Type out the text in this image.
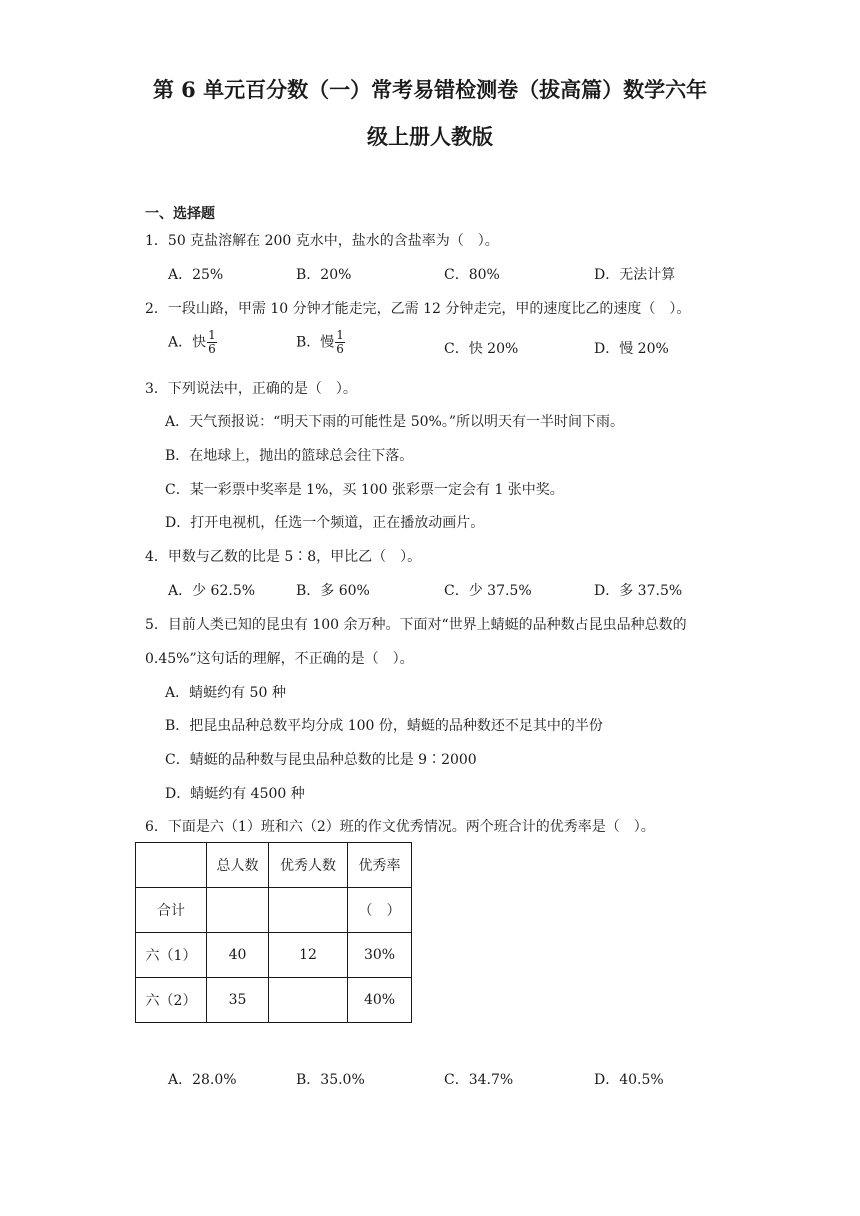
第 6 单元百分数（一）常考易错检测卷（拔高篇）数学六年
级上册人教版
一、选择题
1．50 克盐溶解在 200 克水中，盐水的含盐率为（　）。
A．25%	B．20%	C．80%	D．无法计算
2．一段山路，甲需 10 分钟才能走完，乙需 12 分钟走完，甲的速度比乙的速度（　）。
A．快 $\frac{1}{6}$	B．慢 $\frac{1}{6}$	C．快 20%	D．慢 20%
3．下列说法中，正确的是（　）。
A．天气预报说：“明天下雨的可能性是 50%。”所以明天有一半时间下雨。
B．在地球上，抛出的篮球总会往下落。
C．某一彩票中奖率是 1%，买 100 张彩票一定会有 1 张中奖。
D．打开电视机，任选一个频道，正在播放动画片。
4．甲数与乙数的比是 5∶8，甲比乙（　）。
A．少 62.5%	B．多 60%	C．少 37.5%	D．多 37.5%
5．目前人类已知的昆虫有 100 余万种。下面对“世界上蜻蜓的品种数占昆虫品种总数的
0.45%”这句话的理解，不正确的是（　）。
A．蜻蜓约有 50 种
B．把昆虫品种总数平均分成 100 份，蜻蜓的品种数还不足其中的半份
C．蜻蜓的品种数与昆虫品种总数的比是 9∶2000
D．蜻蜓约有 4500 种
6．下面是六（1）班和六（2）班的作文优秀情况。两个班合计的优秀率是（　）。
	总人数	优秀人数	优秀率
合计			（　）
六（1）	40	12	30%
六（2）	35		40%
A．28.0%	B．35.0%	C．34.7%	D．40.5%
